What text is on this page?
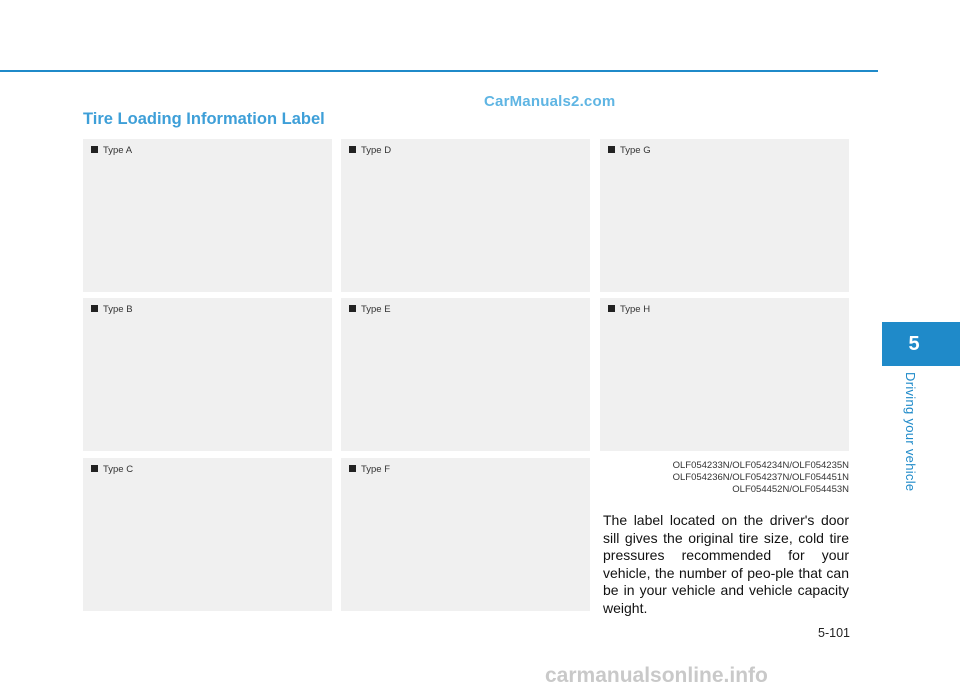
CarManuals2.com
Tire Loading Information Label
Type A	Type D	Type G
Type B	Type E	Type H
Type C	Type F	OLF054233N/OLF054234N/OLF054235N
OLF054236N/OLF054237N/OLF054451N
OLF054452N/OLF054453N
The label located on the driver's door sill gives the original tire size, cold tire pressures recommended for your vehicle, the number of peo-ple that can be in your vehicle and vehicle capacity weight.
5
Driving your vehicle
5-101
carmanualsonline.info
